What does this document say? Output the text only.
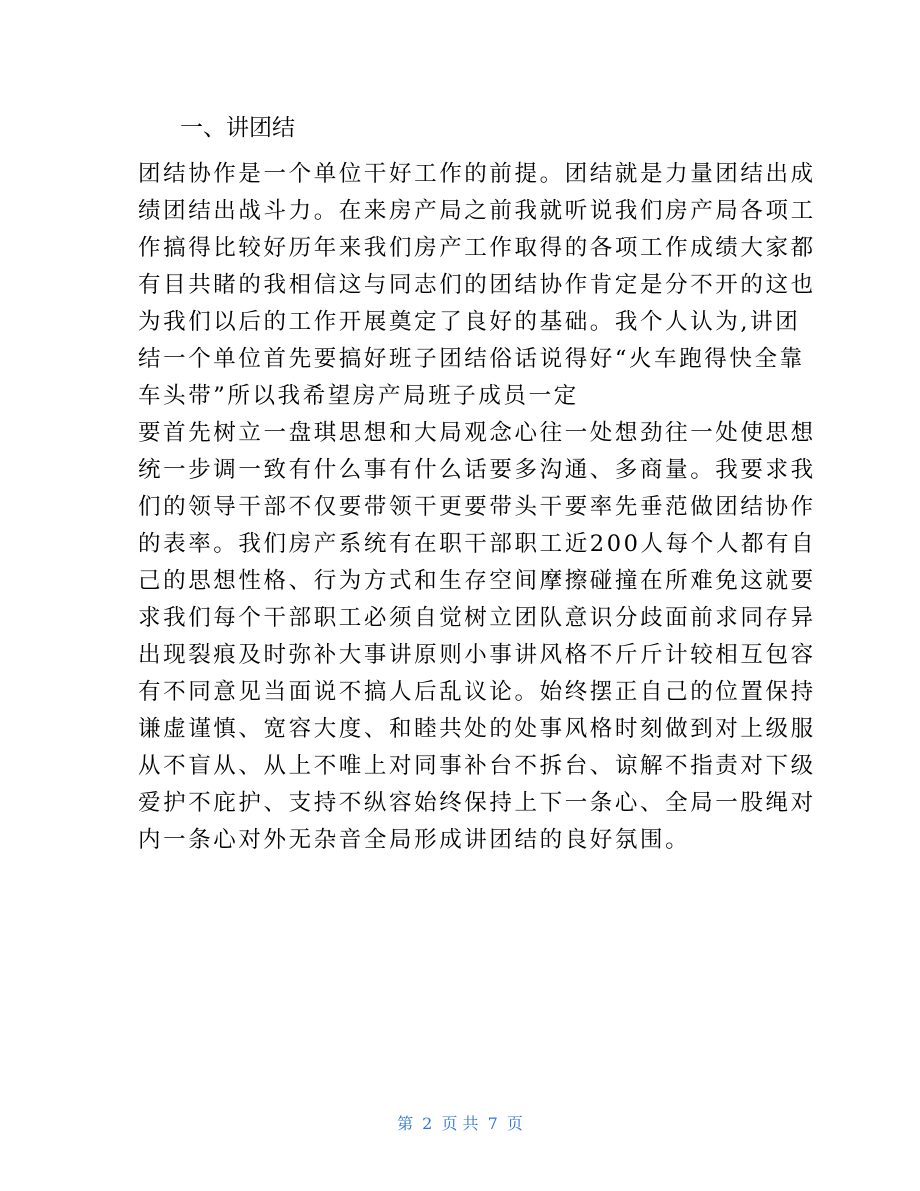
一、讲团结
团结协作是一个单位干好工作的前提。团结就是力量团结出成
绩团结出战斗力。在来房产局之前我就听说我们房产局各项工
作搞得比较好历年来我们房产工作取得的各项工作成绩大家都
有目共睹的我相信这与同志们的团结协作肯定是分不开的这也
为我们以后的工作开展奠定了良好的基础。我个人认为,讲团
结一个单位首先要搞好班子团结俗话说得好“火车跑得快全靠
车头带”所以我希望房产局班子成员一定
要首先树立一盘琪思想和大局观念心往一处想劲往一处使思想
统一步调一致有什么事有什么话要多沟通、多商量。我要求我
们的领导干部不仅要带领干更要带头干要率先垂范做团结协作
的表率。我们房产系统有在职干部职工近200人每个人都有自
己的思想性格、行为方式和生存空间摩擦碰撞在所难免这就要
求我们每个干部职工必须自觉树立团队意识分歧面前求同存异
出现裂痕及时弥补大事讲原则小事讲风格不斤斤计较相互包容
有不同意见当面说不搞人后乱议论。始终摆正自己的位置保持
谦虚谨慎、宽容大度、和睦共处的处事风格时刻做到对上级服
从不盲从、从上不唯上对同事补台不拆台、谅解不指责对下级
爱护不庇护、支持不纵容始终保持上下一条心、全局一股绳对
内一条心对外无杂音全局形成讲团结的良好氛围。
第 2 页 共 7 页
